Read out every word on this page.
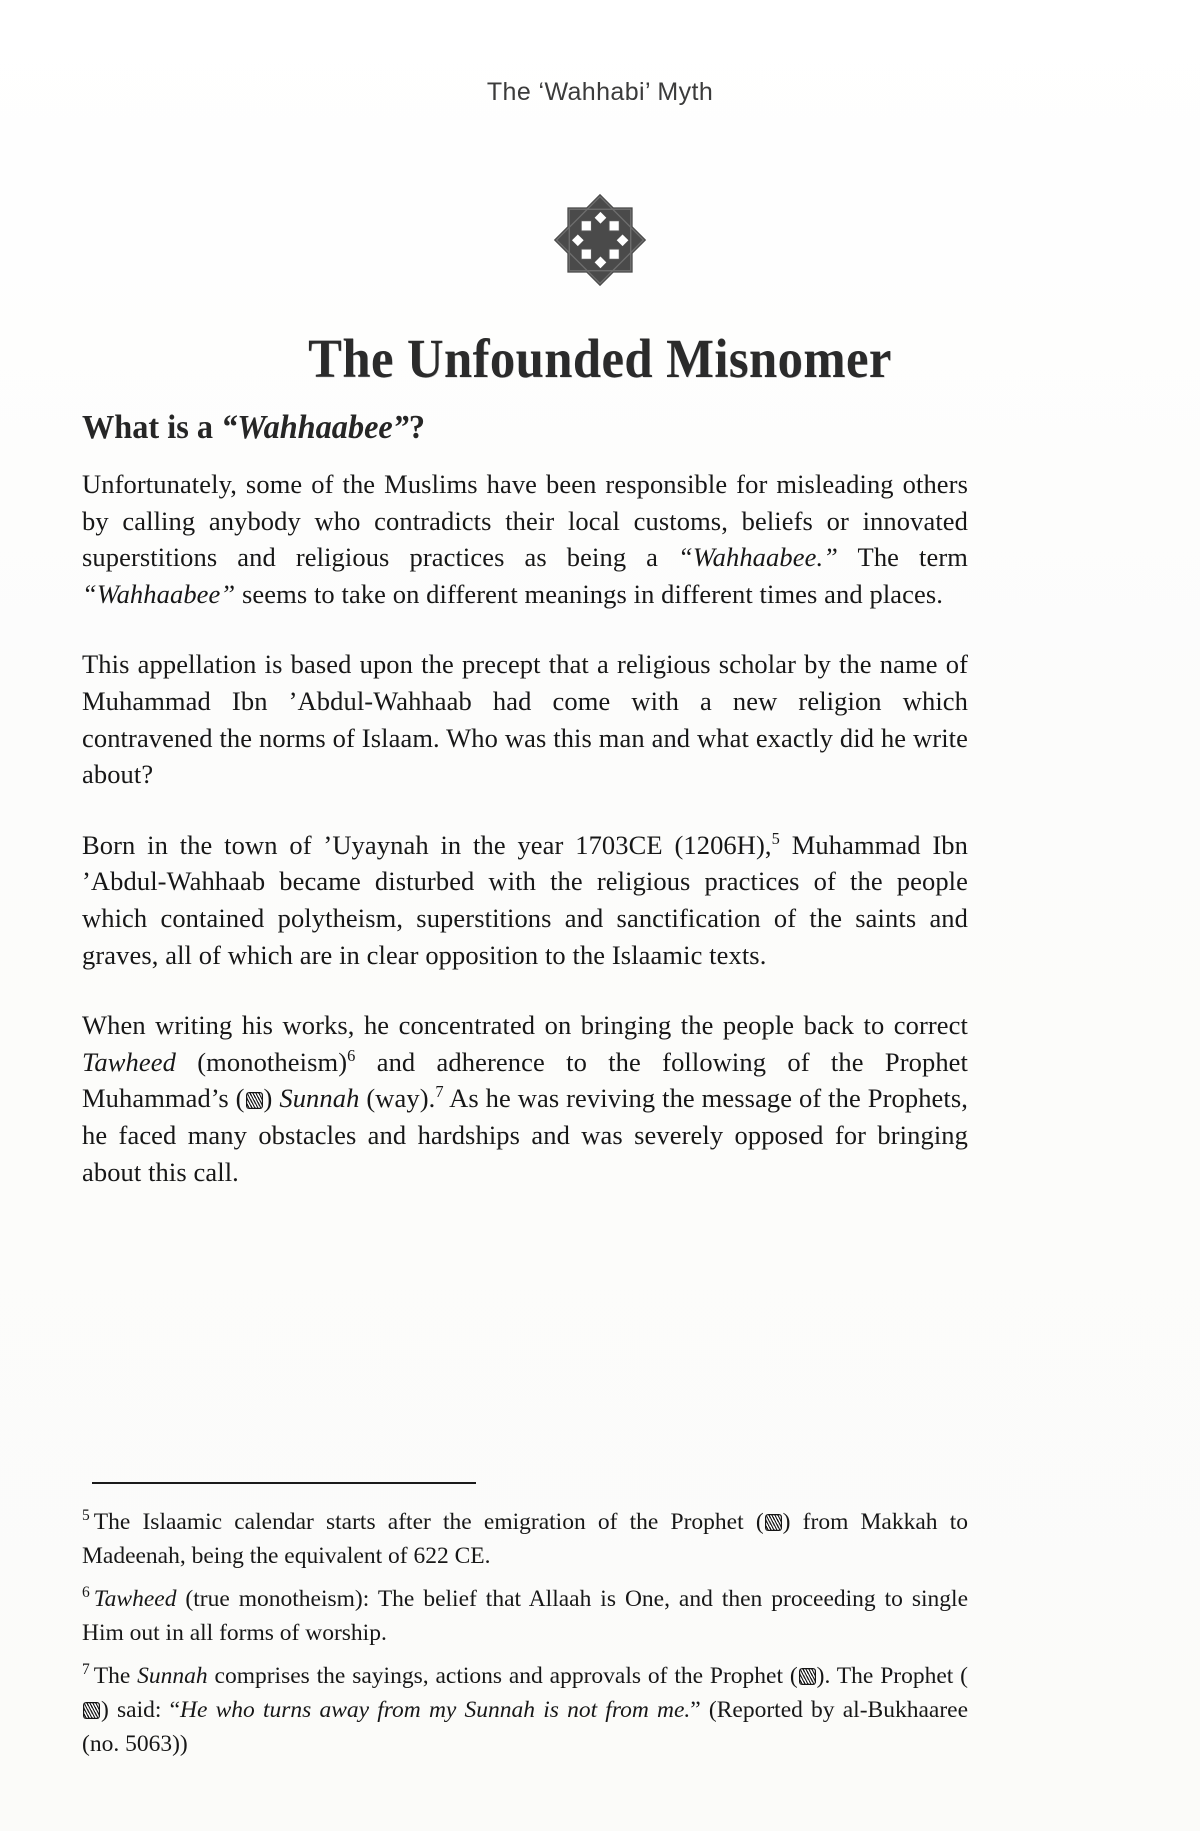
The ‘Wahhabi’ Myth
The Unfounded Misnomer
What is a “Wahhaabee”?

Unfortunately, some of the Muslims have been responsible for misleading others by calling anybody who contradicts their local customs, beliefs or innovated superstitions and religious practices as being a “Wahhaabee.” The term “Wahhaabee” seems to take on different meanings in different times and places.

This appellation is based upon the precept that a religious scholar by the name of Muhammad Ibn ’Abdul-Wahhaab had come with a new religion which contravened the norms of Islaam. Who was this man and what exactly did he write about?

Born in the town of ’Uyaynah in the year 1703CE (1206H),$^5$ Muhammad Ibn ’Abdul-Wahhaab became disturbed with the religious practices of the people which contained polytheism, superstitions and sanctification of the saints and graves, all of which are in clear opposition to the Islaamic texts.

When writing his works, he concentrated on bringing the people back to correct Tawheed (monotheism)$^6$ and adherence to the following of the Prophet Muhammad’s ( ) Sunnah (way).$^7$ As he was reviving the message of the Prophets, he faced many obstacles and hardships and was severely opposed for bringing about this call.

$^5$ The Islaamic calendar starts after the emigration of the Prophet ( ) from Makkah to Madeenah, being the equivalent of 622 CE.

$^6$ Tawheed (true monotheism): The belief that Allaah is One, and then proceeding to single Him out in all forms of worship.

$^7$ The Sunnah comprises the sayings, actions and approvals of the Prophet ( ). The Prophet () said: “He who turns away from my Sunnah is not from me.” (Reported by al-Bukhaaree (no. 5063))
